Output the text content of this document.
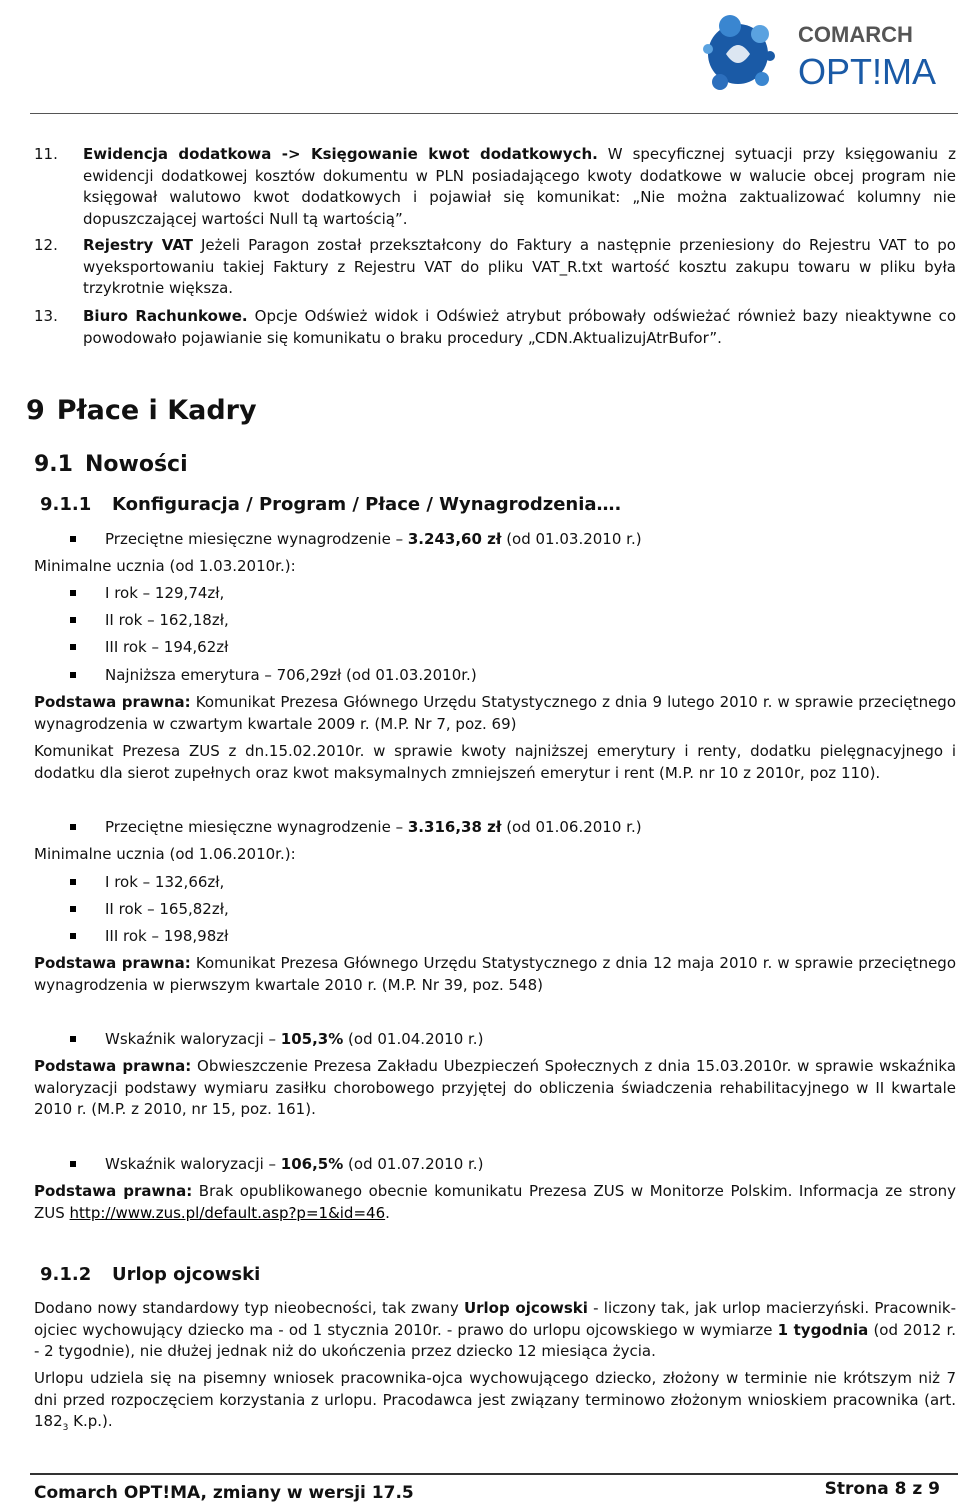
COMARCH
OPT!MA
11. Ewidencja dodatkowa -> Księgowanie kwot dodatkowych. W specyficznej sytuacji przy księgowaniu z ewidencji dodatkowej kosztów dokumentu w PLN posiadającego kwoty dodatkowe w walucie obcej program nie księgował walutowo kwot dodatkowych i pojawiał się komunikat: „Nie można zaktualizować kolumny nie dopuszczającej wartości Null tą wartością”.
12. Rejestry VAT Jeżeli Paragon został przekształcony do Faktury a następnie przeniesiony do Rejestru VAT to po wyeksportowaniu takiej Faktury z Rejestru VAT do pliku VAT_R.txt wartość kosztu zakupu towaru w pliku była trzykrotnie większa.
13. Biuro Rachunkowe. Opcje Odśwież widok i Odśwież atrybut próbowały odświeżać również bazy nieaktywne co powodowało pojawianie się komunikatu o braku procedury „CDN.AktualizujAtrBufor”.
9 Płace i Kadry
9.1 Nowości
9.1.1 Konfiguracja / Program / Płace / Wynagrodzenia….
Przeciętne miesięczne wynagrodzenie – 3.243,60 zł (od 01.03.2010 r.)
Minimalne ucznia (od 1.03.2010r.):
I rok – 129,74zł,
II rok – 162,18zł,
III rok – 194,62zł
Najniższa emerytura – 706,29zł (od 01.03.2010r.)
Podstawa prawna: Komunikat Prezesa Głównego Urzędu Statystycznego z dnia 9 lutego 2010 r. w sprawie przeciętnego wynagrodzenia w czwartym kwartale 2009 r. (M.P. Nr 7, poz. 69)
Komunikat Prezesa ZUS z dn.15.02.2010r. w sprawie kwoty najniższej emerytury i renty, dodatku pielęgnacyjnego i dodatku dla sierot zupełnych oraz kwot maksymalnych zmniejszeń emerytur i rent (M.P. nr 10 z 2010r, poz 110).
Przeciętne miesięczne wynagrodzenie – 3.316,38 zł (od 01.06.2010 r.)
Minimalne ucznia (od 1.06.2010r.):
I rok – 132,66zł,
II rok – 165,82zł,
III rok – 198,98zł
Podstawa prawna: Komunikat Prezesa Głównego Urzędu Statystycznego z dnia 12 maja 2010 r. w sprawie przeciętnego wynagrodzenia w pierwszym kwartale 2010 r. (M.P. Nr 39, poz. 548)
Wskaźnik waloryzacji – 105,3% (od 01.04.2010 r.)
Podstawa prawna: Obwieszczenie Prezesa Zakładu Ubezpieczeń Społecznych z dnia 15.03.2010r. w sprawie wskaźnika waloryzacji podstawy wymiaru zasiłku chorobowego przyjętej do obliczenia świadczenia rehabilitacyjnego w II kwartale 2010 r. (M.P. z 2010, nr 15, poz. 161).
Wskaźnik waloryzacji – 106,5% (od 01.07.2010 r.)
Podstawa prawna: Brak opublikowanego obecnie komunikatu Prezesa ZUS w Monitorze Polskim. Informacja ze strony ZUS http://www.zus.pl/default.asp?p=1&id=46.
9.1.2 Urlop ojcowski
Dodano nowy standardowy typ nieobecności, tak zwany Urlop ojcowski - liczony tak, jak urlop macierzyński. Pracownik-ojciec wychowujący dziecko ma - od 1 stycznia 2010r. - prawo do urlopu ojcowskiego w wymiarze 1 tygodnia (od 2012 r. - 2 tygodnie), nie dłużej jednak niż do ukończenia przez dziecko 12 miesiąca życia.
Urlopu udziela się na pisemny wniosek pracownika-ojca wychowującego dziecko, złożony w terminie nie krótszym niż 7 dni przed rozpoczęciem korzystania z urlopu. Pracodawca jest związany terminowo złożonym wnioskiem pracownika (art. $182_3$ K.p.).
Comarch OPT!MA, zmiany w wersji 17.5	Strona 8 z 9
